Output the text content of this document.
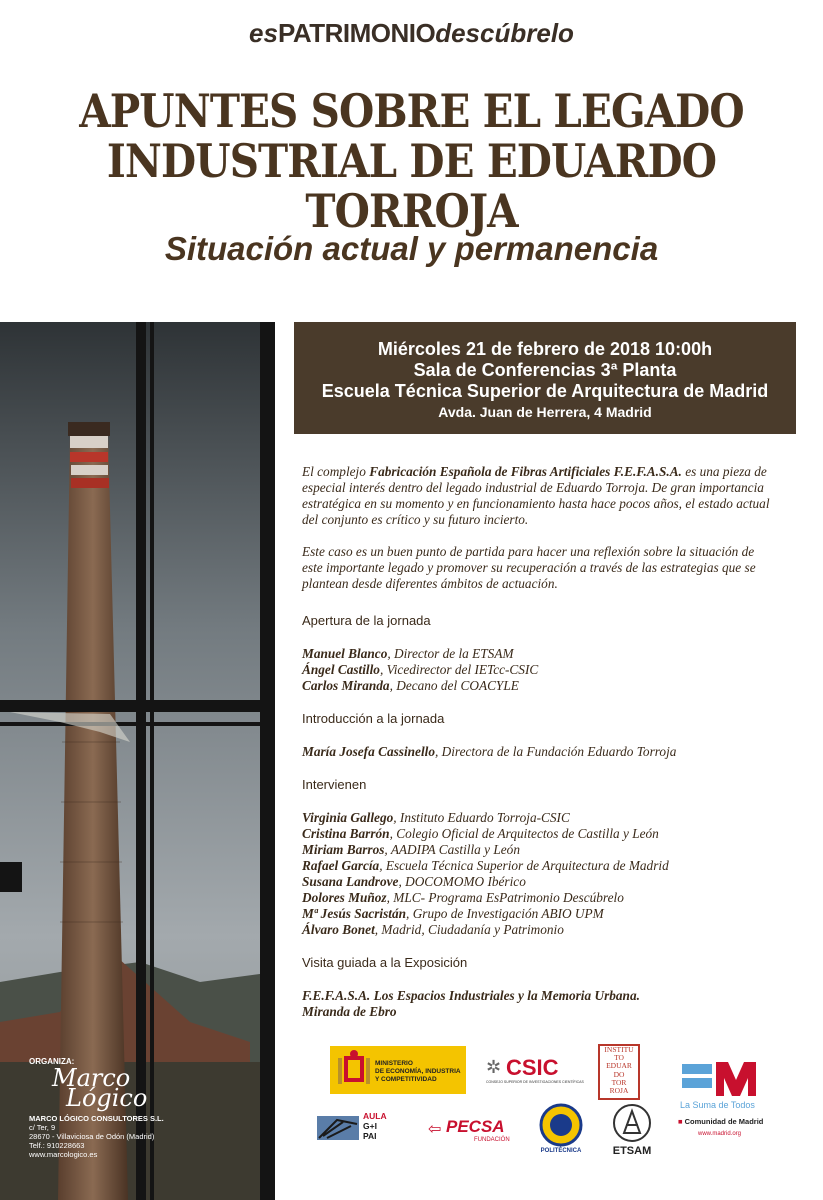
esPATRIMONIOdescúbrelo
APUNTES SOBRE EL LEGADO
INDUSTRIAL DE EDUARDO TORROJA
Situación actual y permanencia
ORGANIZA:
Marco
Lógico
MARCO LÓGICO CONSULTORES S.L.
c/ Ter, 9
28670 - Villaviciosa de Odón (Madrid)
Telf.: 910228663
www.marcologico.es
Miércoles 21 de febrero de 2018 10:00h
Sala de Conferencias 3ª Planta
Escuela Técnica Superior de Arquitectura de Madrid
Avda. Juan de Herrera, 4 Madrid

El complejo Fabricación Española de Fibras Artificiales F.E.F.A.S.A. es una pieza de especial interés dentro del legado industrial de Eduardo Torroja. De gran importancia estratégica en su momento y en funcionamiento hasta hace pocos años, el estado actual del conjunto es crítico y su futuro incierto.

Este caso es un buen punto de partida para hacer una reflexión sobre la situación de este importante legado y promover su recuperación a través de las estrategias que se plantean desde diferentes ámbitos de actuación.

Apertura de la jornada

Manuel Blanco, Director de la ETSAM

Ángel Castillo, Vicedirector del IETcc-CSIC

Carlos Miranda, Decano del COACYLE

Introducción a la jornada

María Josefa Cassinello, Directora de la Fundación Eduardo Torroja

Intervienen

Virginia Gallego, Instituto Eduardo Torroja-CSIC

Cristina Barrón, Colegio Oficial de Arquitectos de Castilla y León

Miriam Barros, AADIPA Castilla y León

Rafael García, Escuela Técnica Superior de Arquitectura de Madrid

Susana Landrove, DOCOMOMO Ibérico

Dolores Muñoz, MLC- Programa EsPatrimonio Descúbrelo

Mª Jesús Sacristán, Grupo de Investigación ABIO UPM

Álvaro Bonet, Madrid, Ciudadanía y Patrimonio

Visita guiada a la Exposición

F.E.F.A.S.A. Los Espacios Industriales y la Memoria Urbana.

Miranda de Ebro

MINISTERIO
DE ECONOMÍA, INDUSTRIA
Y COMPETITIVIDAD
✲ CSIC
CONSEJO SUPERIOR DE INVESTIGACIONES CIENTÍFICAS
INSTITU
TO
EDUAR
DO
TOR
ROJA
La Suma de Todos
■ Comunidad de Madrid
www.madrid.org
AULA
G+I
PAI	⇦ PECSA
FUNDACIÓN
POLITÉCNICA	ETSAM
